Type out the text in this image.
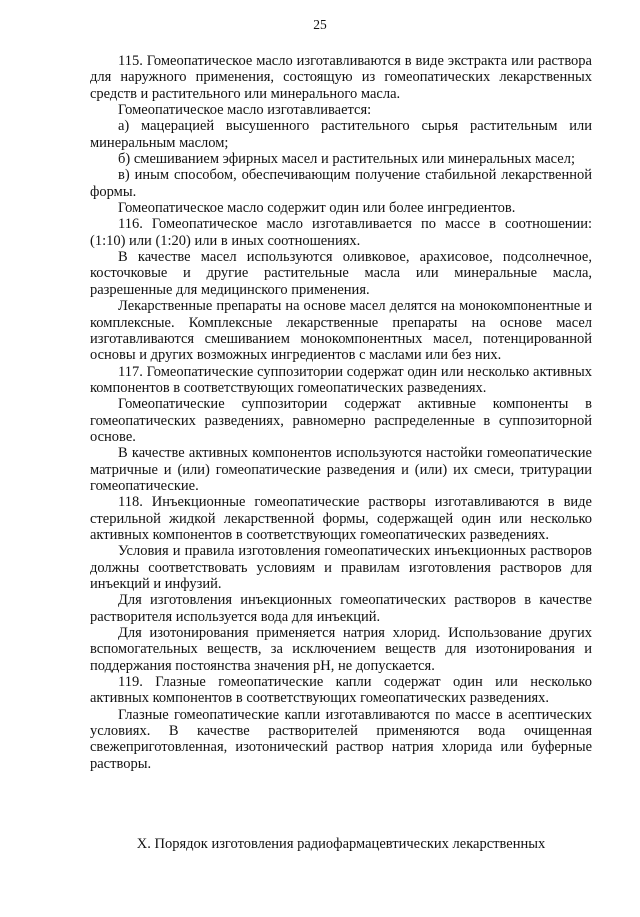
25

115. Гомеопатическое масло изготавливаются в виде экстракта или раствора для наружного применения, состоящую из гомеопатических лекарственных средств и растительного или минерального масла.

Гомеопатическое масло изготавливается:

а) мацерацией высушенного растительного сырья растительным или минеральным маслом;

б) смешиванием эфирных масел и растительных или минеральных масел;

в) иным способом, обеспечивающим получение стабильной лекарственной формы.

Гомеопатическое масло содержит один или более ингредиентов.

116. Гомеопатическое масло изготавливается по массе в соотношении: (1:10) или (1:20) или в иных соотношениях.

В качестве масел используются оливковое, арахисовое, подсолнечное, косточковые и другие растительные масла или минеральные масла, разрешенные для медицинского применения.

Лекарственные препараты на основе масел делятся на монокомпонентные и комплексные. Комплексные лекарственные препараты на основе масел изготавливаются смешиванием монокомпонентных масел, потенцированной основы и других возможных ингредиентов с маслами или без них.

117. Гомеопатические суппозитории содержат один или несколько активных компонентов в соответствующих гомеопатических разведениях.

Гомеопатические суппозитории содержат активные компоненты в гомеопатических разведениях, равномерно распределенные в суппозиторной основе.

В качестве активных компонентов используются настойки гомеопатические матричные и (или) гомеопатические разведения и (или) их смеси, тритурации гомеопатические.

118. Инъекционные гомеопатические растворы изготавливаются в виде стерильной жидкой лекарственной формы, содержащей один или несколько активных компонентов в соответствующих гомеопатических разведениях.

Условия и правила изготовления гомеопатических инъекционных растворов должны соответствовать условиям и правилам изготовления растворов для инъекций и инфузий.

Для изготовления инъекционных гомеопатических растворов в качестве растворителя используется вода для инъекций.

Для изотонирования применяется натрия хлорид. Использование других вспомогательных веществ, за исключением веществ для изотонирования и поддержания постоянства значения pH, не допускается.

119. Глазные гомеопатические капли содержат один или несколько активных компонентов в соответствующих гомеопатических разведениях.

Глазные гомеопатические капли изготавливаются по массе в асептических условиях. В качестве растворителей применяются вода очищенная свежеприготовленная, изотонический раствор натрия хлорида или буферные растворы.

X. Порядок изготовления радиофармацевтических лекарственных
